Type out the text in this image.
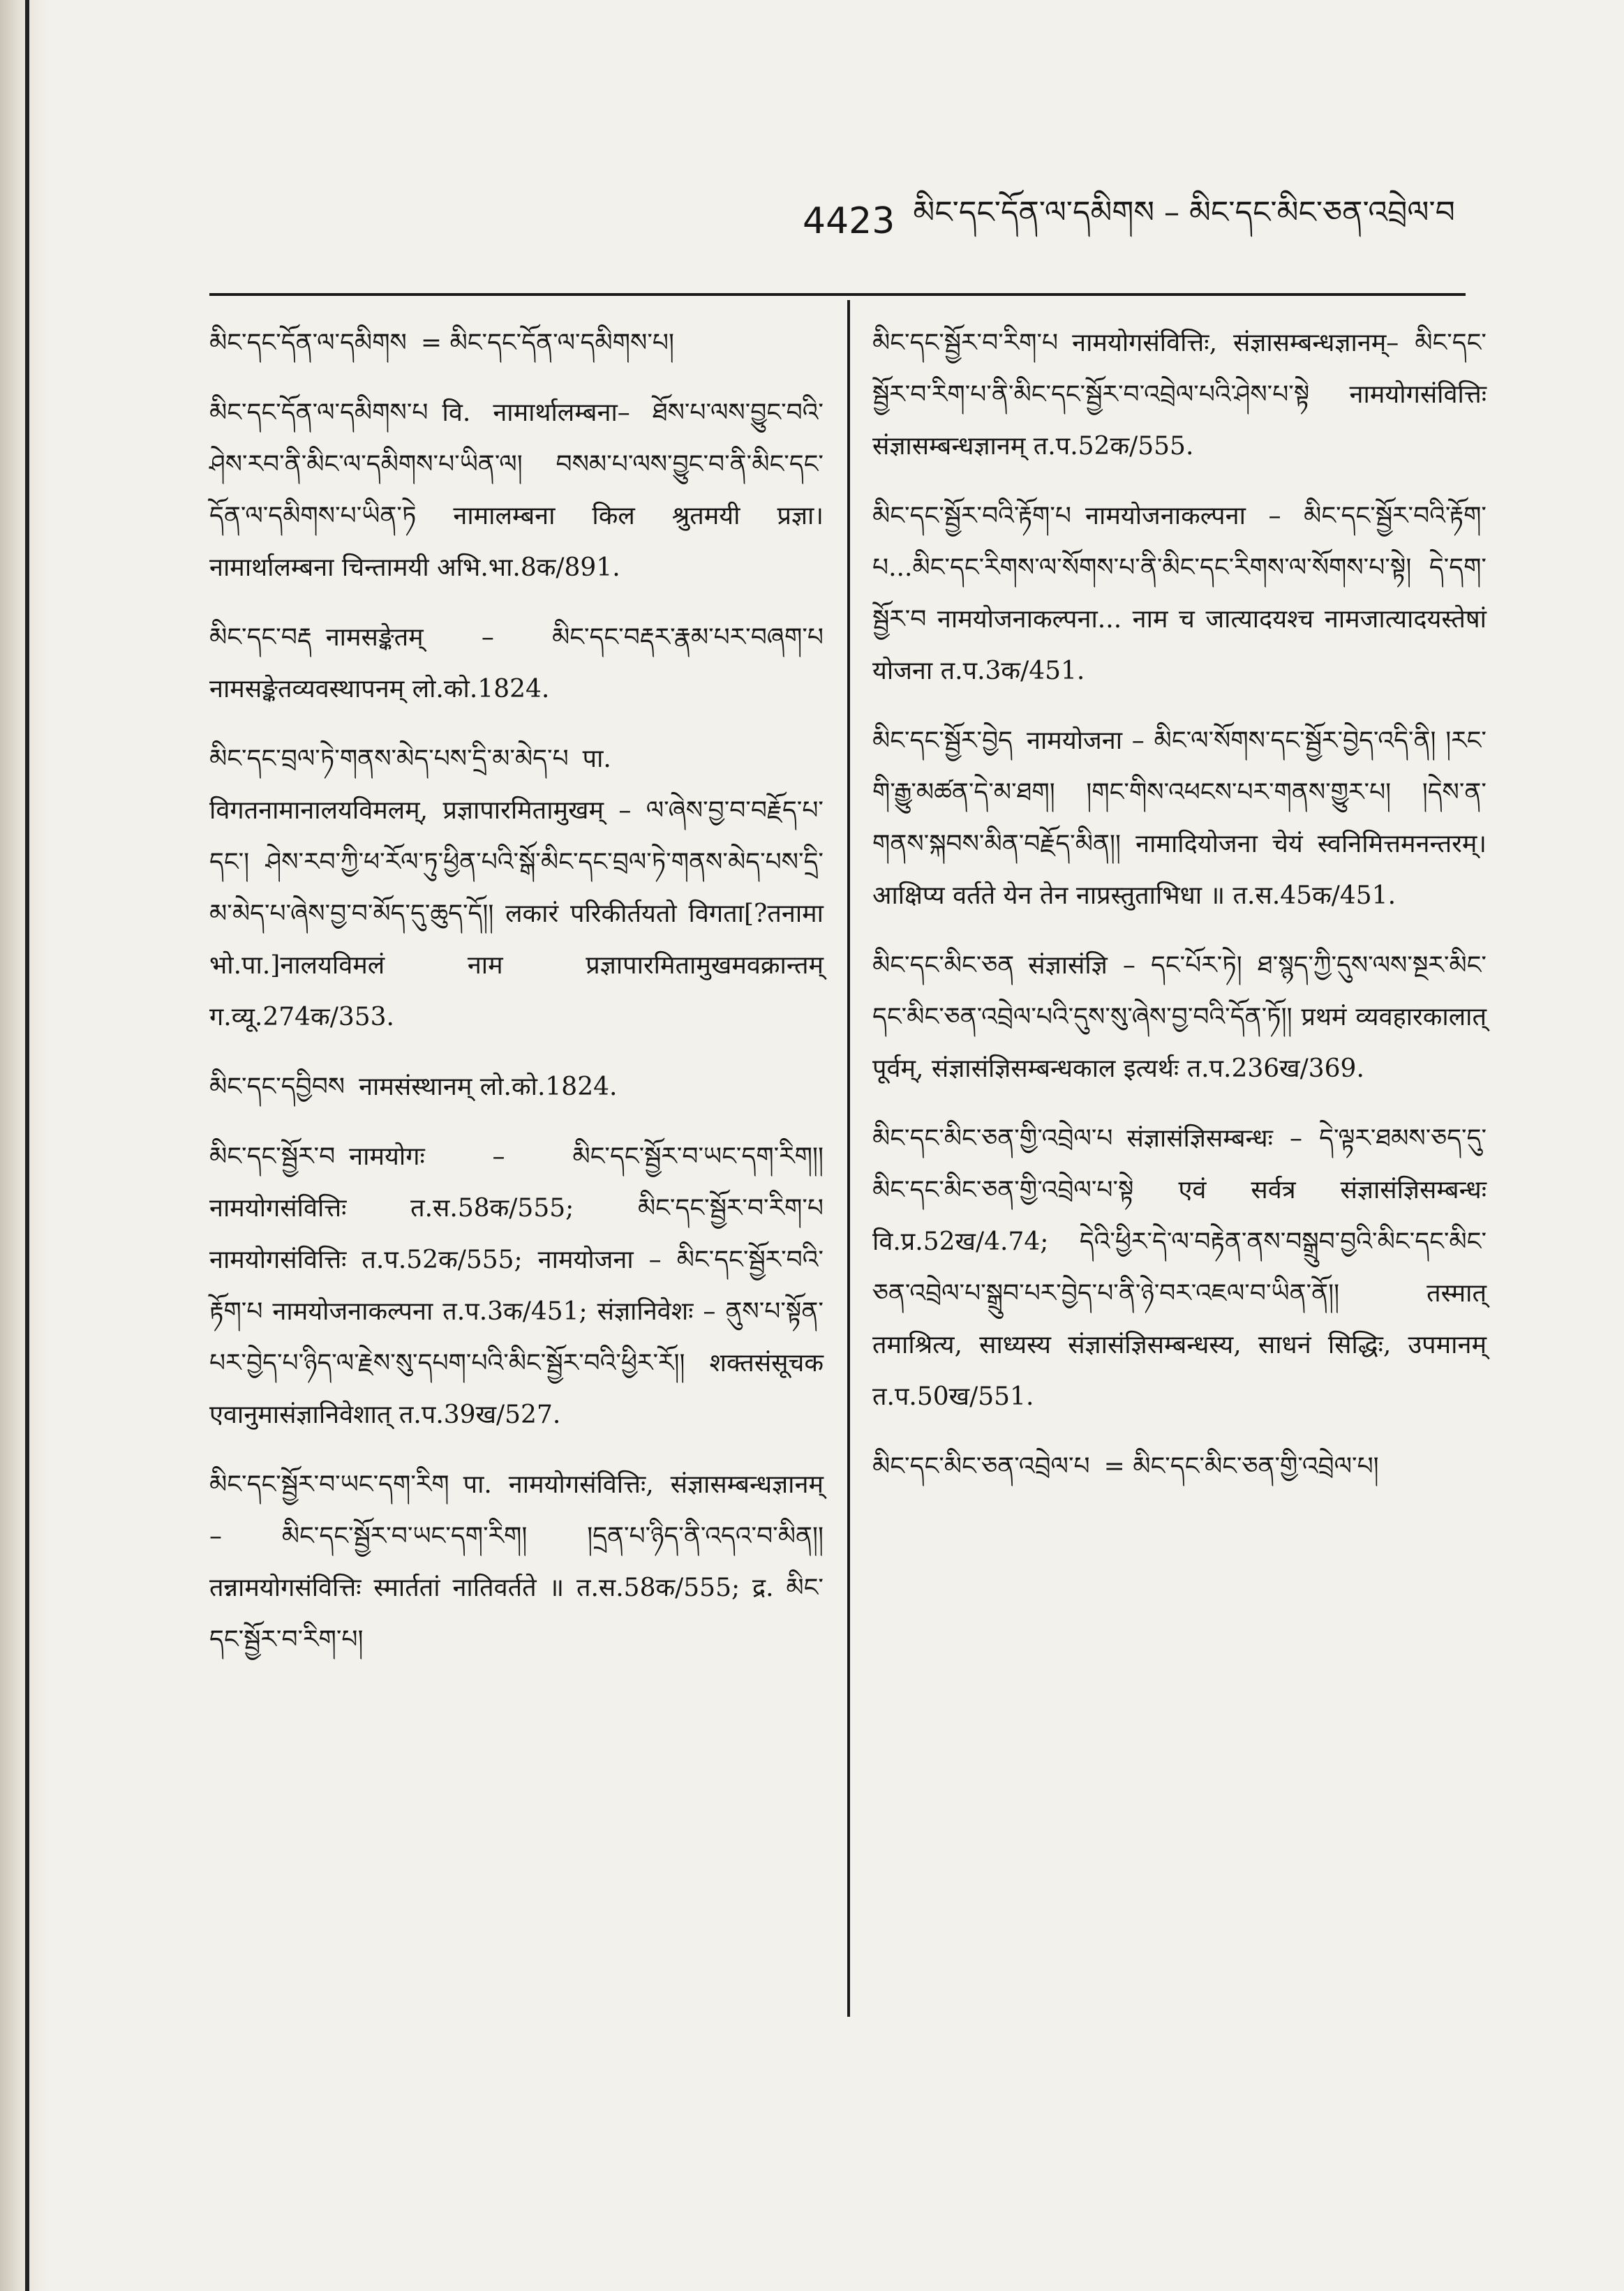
4423 མིང་དང་དོན་ལ་དམིགས – མིང་དང་མིང་ཅན་འབྲེལ་བ
མིང་དང་དོན་ལ་དམིགས = མིང་དང་དོན་ལ་དམིགས་པ།
མིང་དང་དོན་ལ་དམིགས་པ वि. नामार्थालम्बना– ཐོས་པ་ལས་བྱུང་བའི་ཤེས་རབ་ནི་མིང་ལ་དམིགས་པ་ཡིན་ལ། བསམ་པ་ལས་བྱུང་བ་ནི་མིང་དང་དོན་ལ་དམིགས་པ་ཡིན་ཏེ नामालम्बना किल श्रुतमयी प्रज्ञा। नामार्थालम्बना चिन्तामयी अभि.भा.8क/891.
མིང་དང་བརྡ नामसङ्केतम् – མིང་དང་བརྡར་རྣམ་པར་བཞག་པ नामसङ्केतव्यवस्थापनम् लो.को.1824.
མིང་དང་བྲལ་ཏེ་གནས་མེད་པས་དྲི་མ་མེད་པ पा. विगतनामानालयविमलम्, प्रज्ञापारमितामुखम् – ལ་ཞེས་བྱ་བ་བརྗོད་པ་དང་། ཤེས་རབ་ཀྱི་ཕ་རོལ་ཏུ་ཕྱིན་པའི་སྒོ་མིང་དང་བྲལ་ཏེ་གནས་མེད་པས་དྲི་མ་མེད་པ་ཞེས་བྱ་བ་མོད་དུ་ཆུད་དོ།། लकारं परिकीर्तयतो विगता[?तनामा भो.पा.]नालयविमलं नाम प्रज्ञापारमितामुखमवक्रान्तम् ग.व्यू.274क/353.
མིང་དང་དབྱིབས नामसंस्थानम् लो.को.1824.
མིང་དང་སྦྱོར་བ नामयोगः – མིང་དང་སྦྱོར་བ་ཡང་དག་རིག།། नामयोगसंवित्तिः त.स.58क/555; མིང་དང་སྦྱོར་བ་རིག་པ नामयोगसंवित्तिः त.प.52क/555; नामयोजना – མིང་དང་སྦྱོར་བའི་རྟོག་པ नामयोजनाकल्पना त.प.3क/451; संज्ञानिवेशः – ནུས་པ་སྟོན་པར་བྱེད་པ་ཉིད་ལ་རྗེས་སུ་དཔག་པའི་མིང་སྦྱོར་བའི་ཕྱིར་རོ།། शक्तसंसूचक एवानुमासंज्ञानिवेशात् त.प.39ख/527.
མིང་དང་སྦྱོར་བ་ཡང་དག་རིག पा. नामयोगसंवित्तिः, संज्ञासम्बन्धज्ञानम् – མིང་དང་སྦྱོར་བ་ཡང་དག་རིག། །དྲན་པ་ཉིད་ནི་འདའ་བ་མིན།། तन्नामयोगसंवित्तिः स्मार्ततां नातिवर्तते ॥ त.स.58क/555; द्र. མིང་དང་སྦྱོར་བ་རིག་པ།
མིང་དང་སྦྱོར་བ་རིག་པ नामयोगसंवित्तिः, संज्ञासम्बन्धज्ञानम्– མིང་དང་སྦྱོར་བ་རིག་པ་ནི་མིང་དང་སྦྱོར་བ་འབྲེལ་པའི་ཤེས་པ་སྟེ नामयोगसंवित्तिः संज्ञासम्बन्धज्ञानम् त.प.52क/555.
མིང་དང་སྦྱོར་བའི་རྟོག་པ नामयोजनाकल्पना – མིང་དང་སྦྱོར་བའི་རྟོག་པ...མིང་དང་རིགས་ལ་སོགས་པ་ནི་མིང་དང་རིགས་ལ་སོགས་པ་སྟེ། དེ་དག་སྦྱོར་བ नामयोजनाकल्पना... नाम च जात्यादयश्च नामजात्यादयस्तेषां योजना त.प.3क/451.
མིང་དང་སྦྱོར་བྱེད नामयोजना – མིང་ལ་སོགས་དང་སྦྱོར་བྱེད་འདི་ནི། །རང་གི་རྒྱུ་མཚན་དེ་མ་ཐག། །གང་གིས་འཕངས་པར་གནས་གྱུར་པ། །དེས་ན་གནས་སྐབས་མིན་བརྗོད་མིན།། नामादियोजना चेयं स्वनिमित्तमनन्तरम्। आक्षिप्य वर्तते येन तेन नाप्रस्तुताभिधा ॥ त.स.45क/451.
མིང་དང་མིང་ཅན संज्ञासंज्ञि – དང་པོར་ཏེ། ཐ་སྙད་ཀྱི་དུས་ལས་སྔར་མིང་དང་མིང་ཅན་འབྲེལ་པའི་དུས་སུ་ཞེས་བྱ་བའི་དོན་ཏོ།། प्रथमं व्यवहारकालात् पूर्वम्, संज्ञासंज्ञिसम्बन्धकाल इत्यर्थः त.प.236ख/369.
མིང་དང་མིང་ཅན་གྱི་འབྲེལ་པ संज्ञासंज्ञिसम्बन्धः – དེ་ལྟར་ཐམས་ཅད་དུ་མིང་དང་མིང་ཅན་གྱི་འབྲེལ་པ་སྟེ एवं सर्वत्र संज्ञासंज्ञिसम्बन्धः वि.प्र.52ख/4.74; དེའི་ཕྱིར་དེ་ལ་བརྟེན་ནས་བསྒྲུབ་བྱའི་མིང་དང་མིང་ཅན་འབྲེལ་པ་སྒྲུབ་པར་བྱེད་པ་ནི་ཉེ་བར་འཇལ་བ་ཡིན་ནོ།། तस्मात् तमाश्रित्य, साध्यस्य संज्ञासंज्ञिसम्बन्धस्य, साधनं सिद्धिः, उपमानम् त.प.50ख/551.
མིང་དང་མིང་ཅན་འབྲེལ་པ = མིང་དང་མིང་ཅན་གྱི་འབྲེལ་པ།
